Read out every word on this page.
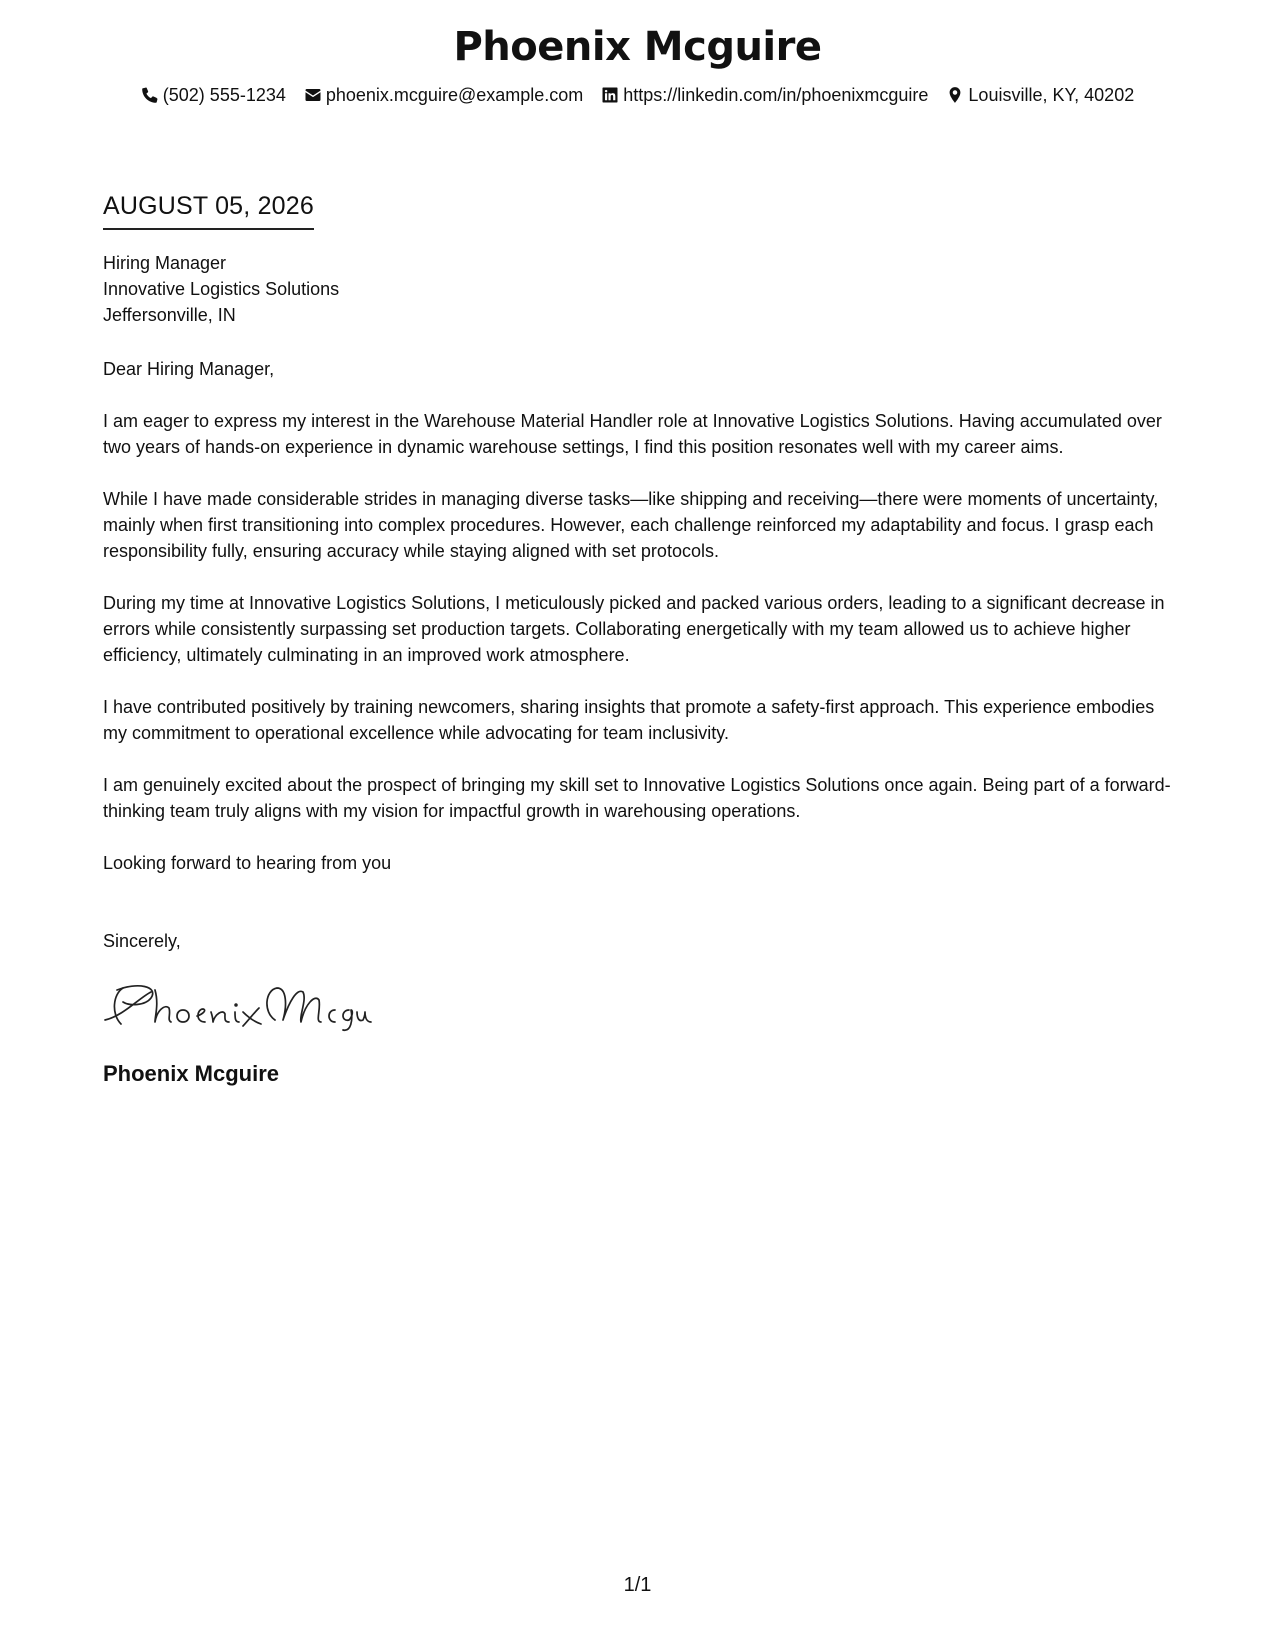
Phoenix Mcguire
(502) 555-1234 phoenix.mcguire@example.com https://linkedin.com/in/phoenixmcguire Louisville, KY, 40202
AUGUST 05, 2026
Hiring Manager
Innovative Logistics Solutions
Jeffersonville, IN
Dear Hiring Manager,

I am eager to express my interest in the Warehouse Material Handler role at Innovative Logistics Solutions. Having accumulated over two years of hands-on experience in dynamic warehouse settings, I find this position resonates well with my career aims.

While I have made considerable strides in managing diverse tasks—like shipping and receiving—there were moments of uncertainty, mainly when first transitioning into complex procedures. However, each challenge reinforced my adaptability and focus. I grasp each responsibility fully, ensuring accuracy while staying aligned with set protocols.

During my time at Innovative Logistics Solutions, I meticulously picked and packed various orders, leading to a significant decrease in errors while consistently surpassing set production targets. Collaborating energetically with my team allowed us to achieve higher efficiency, ultimately culminating in an improved work atmosphere.

I have contributed positively by training newcomers, sharing insights that promote a safety-first approach. This experience embodies my commitment to operational excellence while advocating for team inclusivity.

I am genuinely excited about the prospect of bringing my skill set to Innovative Logistics Solutions once again. Being part of a forward-thinking team truly aligns with my vision for impactful growth in warehousing operations.

Looking forward to hearing from you
Sincerely,
Phoenix Mcguire
1/1
